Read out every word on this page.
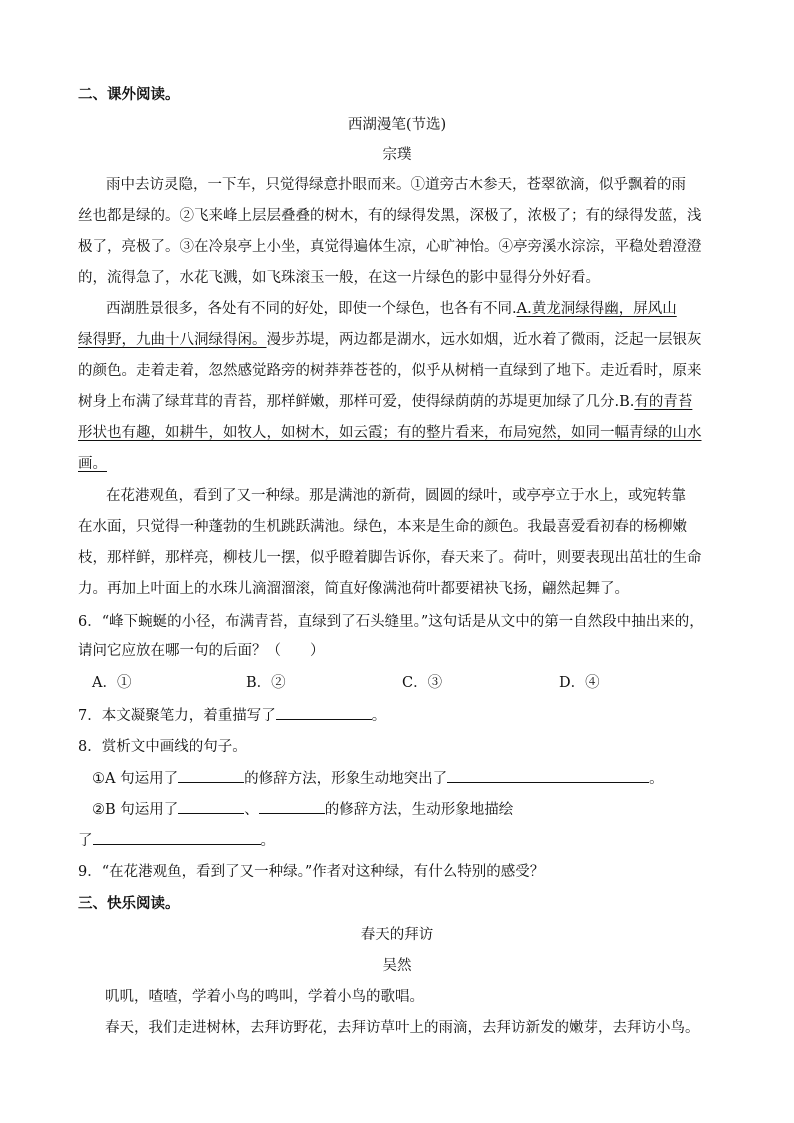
二、课外阅读。
西湖漫笔(节选)
宗璞
雨中去访灵隐，一下车，只觉得绿意扑眼而来。①道旁古木参天，苍翠欲滴，似乎飘着的雨
丝也都是绿的。②飞来峰上层层叠叠的树木，有的绿得发黑，深极了，浓极了；有的绿得发蓝，浅
极了，亮极了。③在冷泉亭上小坐，真觉得遍体生凉，心旷神怡。④亭旁溪水淙淙，平稳处碧澄澄
的，流得急了，水花飞溅，如飞珠滚玉一般，在这一片绿色的影中显得分外好看。
西湖胜景很多，各处有不同的好处，即使一个绿色，也各有不同.A.黄龙洞绿得幽，屏风山
绿得野，九曲十八洞绿得闲。漫步苏堤，两边都是湖水，远水如烟，近水着了微雨，泛起一层银灰
的颜色。走着走着，忽然感觉路旁的树莽莽苍苍的，似乎从树梢一直绿到了地下。走近看时，原来
树身上布满了绿茸茸的青苔，那样鲜嫩，那样可爱，使得绿荫荫的苏堤更加绿了几分.B.有的青苔
形状也有趣，如耕牛，如牧人，如树木，如云霞；有的整片看来，布局宛然，如同一幅青绿的山水
画。
在花港观鱼，看到了又一种绿。那是满池的新荷，圆圆的绿叶，或亭亭立于水上，或宛转靠
在水面，只觉得一种蓬勃的生机跳跃满池。绿色，本来是生命的颜色。我最喜爱看初春的杨柳嫩
枝，那样鲜，那样亮，柳枝儿一摆，似乎瞪着脚告诉你，春天来了。荷叶，则要表现出茁壮的生命
力。再加上叶面上的水珠儿滴溜溜滚，简直好像满池荷叶都要裙袂飞扬，翩然起舞了。
6．“峰下蜿蜒的小径，布满青苔，直绿到了石头缝里。”这句话是从文中的第一自然段中抽出来的，
请问它应放在哪一句的后面？（　　）
A．①	B．②	C．③	D．④
7．本文凝聚笔力，着重描写了	。
8．赏析文中画线的句子。
①A 句运用了	的修辞方法，形象生动地突出了	。
②B 句运用了	、	的修辞方法，生动形象地描绘
了	。
9．“在花港观鱼，看到了又一种绿。”作者对这种绿，有什么特别的感受？
三、快乐阅读。
春天的拜访
吴然
叽叽，喳喳，学着小鸟的鸣叫，学着小鸟的歌唱。
春天，我们走进树林，去拜访野花，去拜访草叶上的雨滴，去拜访新发的嫩芽，去拜访小鸟。
